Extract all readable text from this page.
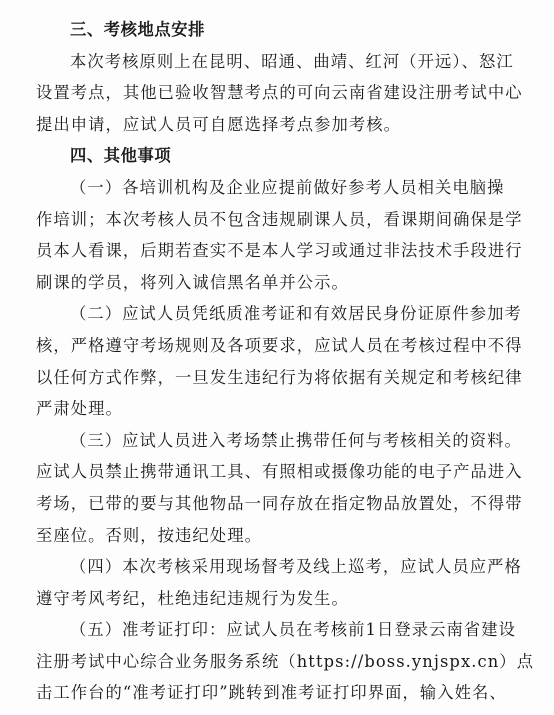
三、考核地点安排
本次考核原则上在昆明、昭通、曲靖、红河（开远）、怒江
设置考点，其他已验收智慧考点的可向云南省建设注册考试中心
提出申请，应试人员可自愿选择考点参加考核。
四、其他事项
（一）各培训机构及企业应提前做好参考人员相关电脑操
作培训；本次考核人员不包含违规刷课人员，看课期间确保是学
员本人看课，后期若查实不是本人学习或通过非法技术手段进行
刷课的学员，将列入诚信黑名单并公示。
（二）应试人员凭纸质准考证和有效居民身份证原件参加考
核，严格遵守考场规则及各项要求，应试人员在考核过程中不得
以任何方式作弊，一旦发生违纪行为将依据有关规定和考核纪律
严肃处理。
（三）应试人员进入考场禁止携带任何与考核相关的资料。
应试人员禁止携带通讯工具、有照相或摄像功能的电子产品进入
考场，已带的要与其他物品一同存放在指定物品放置处，不得带
至座位。否则，按违纪处理。
（四）本次考核采用现场督考及线上巡考，应试人员应严格
遵守考风考纪，杜绝违纪违规行为发生。
（五）准考证打印：应试人员在考核前1日登录云南省建设
注册考试中心综合业务服务系统（https://boss.ynjspx.cn）点
击工作台的“准考证打印”跳转到准考证打印界面，输入姓名、
